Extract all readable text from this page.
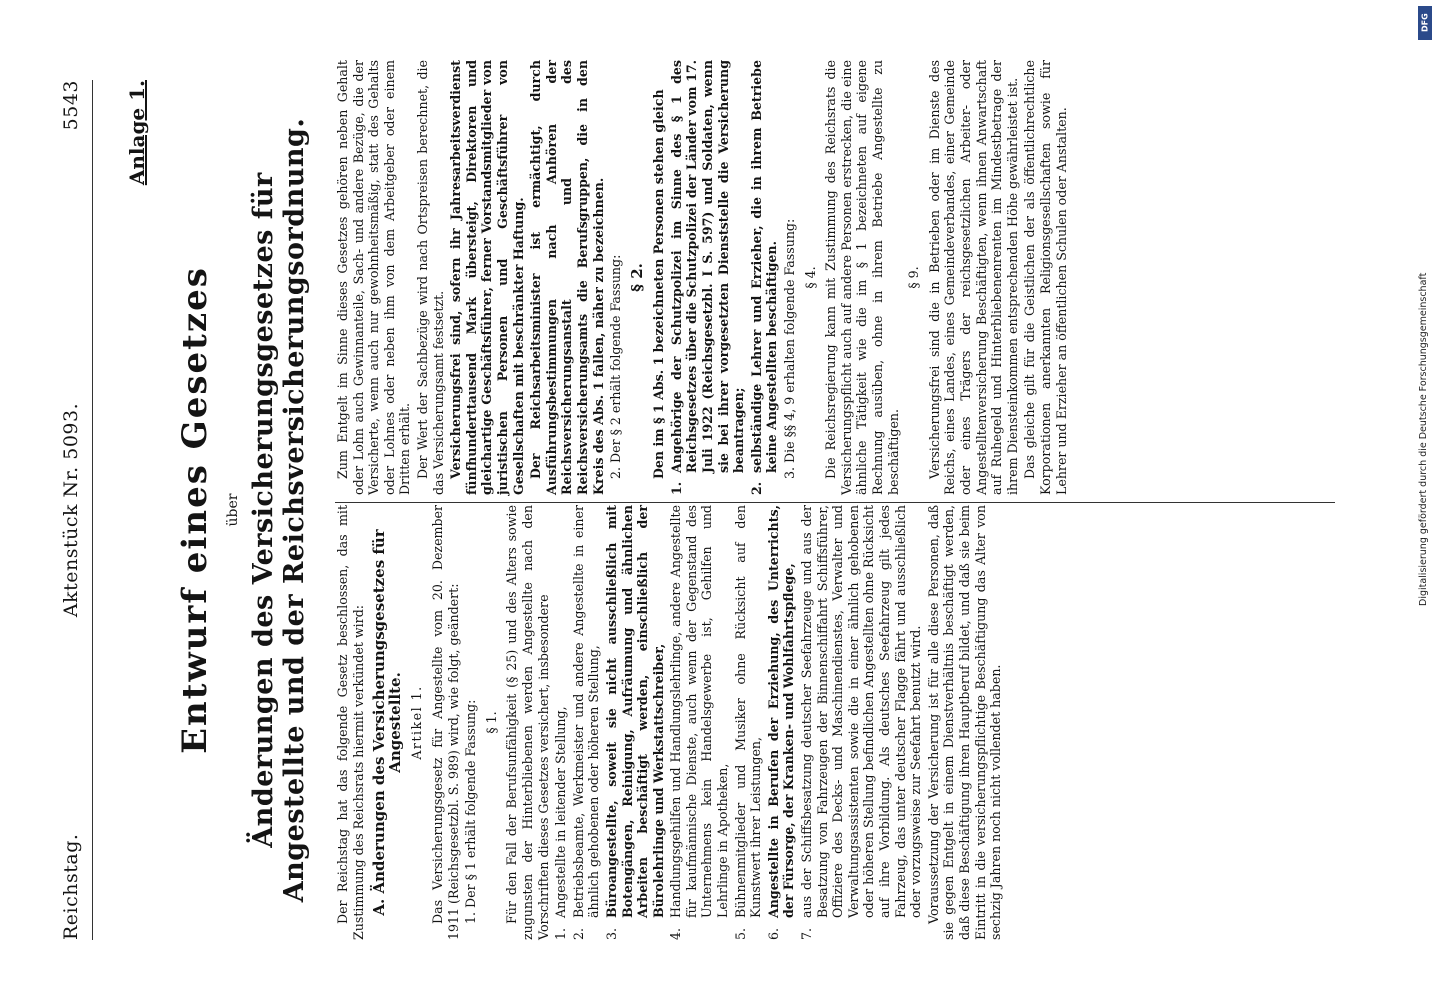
Reichstag.
Aktenstück Nr. 5093.
5543 Anlage 1.
Entwurf eines Gesetzes über Änderungen des Versicherungsgesetzes für Angestellte und der Reichsversicherungsordnung. Der Reichstag hat das folgende Gesetz beschlossen, das mit Zustimmung des Reichsrats hiermit verkündet wird: A. Änderungen des Versicherungsgesetzes für Angestellte. Artikel 1. Das Versicherungsgesetz für Angestellte vom 20. Dezember 1911 (Reichsgesetzbl. S. 989) wird, wie folgt, geändert: 1. Der § 1 erhält folgende Fassung: § 1. Für den Fall der Berufsunfähigkeit (§ 25) und des Alters sowie zugunsten der Hinterbliebenen werden Angestellte nach den Vorschriften dieses Gesetzes versichert, insbesondere 1.
Angestellte in leitender Stellung,
2.
Betriebsbeamte, Werkmeister und andere Angestellte in einer ähnlich gehobenen oder höheren Stellung,
3.
Büroangestellte, soweit sie nicht ausschließlich mit Botengängen, Reinigung, Aufräumung und ähnlichen Arbeiten beschäftigt werden, einschließlich der Bürolehrlinge und Werkstattschreiber,
4.
Handlungsgehilfen und Handlungslehrlinge, andere Angestellte für kaufmännische Dienste, auch wenn der Gegenstand des Unternehmens kein Handelsgewerbe ist, Gehilfen und Lehrlinge in Apotheken,
5.
Bühnenmitglieder und Musiker ohne Rücksicht auf den Kunstwert ihrer Leistungen,
6.
Angestellte in Berufen der Erziehung, des Unterrichts, der Fürsorge, der Kranken- und Wohlfahrtspflege,
7.
aus der Schiffsbesatzung deutscher Seefahrzeuge und aus der Besatzung von Fahrzeugen der Binnenschiffahrt Schiffsführer, Offiziere des Decks- und Maschinendienstes, Verwalter und Verwaltungsassistenten sowie die in einer ähnlich gehobenen oder höheren Stellung befindlichen Angestellten ohne Rücksicht auf ihre Vorbildung. Als deutsches Seefahrzeug gilt jedes Fahrzeug, das unter deutscher Flagge fährt und ausschließlich oder vorzugsweise zur Seefahrt benutzt wird. Voraussetzung der Versicherung ist für alle diese Personen, daß sie gegen Entgelt in einem Dienstverhältnis beschäftigt werden, daß diese Beschäftigung ihren Hauptberuf bildet, und daß sie beim Eintritt in die versicherungspflichtige Beschäftigung das Alter von sechzig Jahren noch nicht vollendet haben.

Zum Entgelt im Sinne dieses Gesetzes gehören neben Gehalt oder Lohn auch Gewinnanteile, Sach- und andere Bezüge, die der Versicherte, wenn auch nur gewohnheitsmäßig, statt des Gehalts oder Lohnes oder neben ihm von dem Arbeitgeber oder einem Dritten erhält. Der Wert der Sachbezüge wird nach Ortspreisen berechnet, die das Versicherungsamt festsetzt. Versicherungsfrei sind, sofern ihr Jahresarbeitsverdienst fünfhunderttausend Mark übersteigt, Direktoren und gleichartige Geschäftsführer, ferner Vorstandsmitglieder von juristischen Personen und Geschäftsführer von Gesellschaften mit beschränkter Haftung. Der Reichsarbeitsminister ist ermächtigt, durch Ausführungsbestimmungen nach Anhören der Reichsversicherungsanstalt und des Reichsversicherungsamts die Berufsgruppen, die in den Kreis des Abs. 1 fallen, näher zu bezeichnen. 2. Der § 2 erhält folgende Fassung: § 2. Den im § 1 Abs. 1 bezeichneten Personen stehen gleich

1.
Angehörige der Schutzpolizei im Sinne des § 1 des Reichsgesetzes über die Schutzpolizei der Länder vom 17. Juli 1922 (Reichsgesetzbl. I S. 597) und Soldaten, wenn sie bei ihrer vorgesetzten Dienststelle die Versicherung beantragen;
2.
selbständige Lehrer und Erzieher, die in ihrem Betriebe keine Angestellten beschäftigen. 3. Die §§ 4, 9 erhalten folgende Fassung: § 4. Die Reichsregierung kann mit Zustimmung des Reichsrats die Versicherungspflicht auch auf andere Personen erstrecken, die eine ähnliche Tätigkeit wie die im § 1 bezeichneten auf eigene Rechnung ausüben, ohne in ihrem Betriebe Angestellte zu beschäftigen.

§ 9. Versicherungsfrei sind die in Betrieben oder im Dienste des Reichs, eines Landes, eines Gemeindeverbandes, einer Gemeinde oder eines Trägers der reichsgesetzlichen Arbeiter- oder Angestelltenversicherung Beschäftigten, wenn ihnen Anwartschaft auf Ruhegeld und Hinterbliebenenrenten im Mindestbetrage der ihrem Diensteinkommen entsprechenden Höhe gewährleistet ist. Das gleiche gilt für die Geistlichen der als öffentlichrechtliche Korporationen anerkannten Religionsgesellschaften sowie für Lehrer und Erzieher an öffentlichen Schulen oder Anstalten.

DFG
Digitalisierung gefördert durch die Deutsche Forschungsgemeinschaft
